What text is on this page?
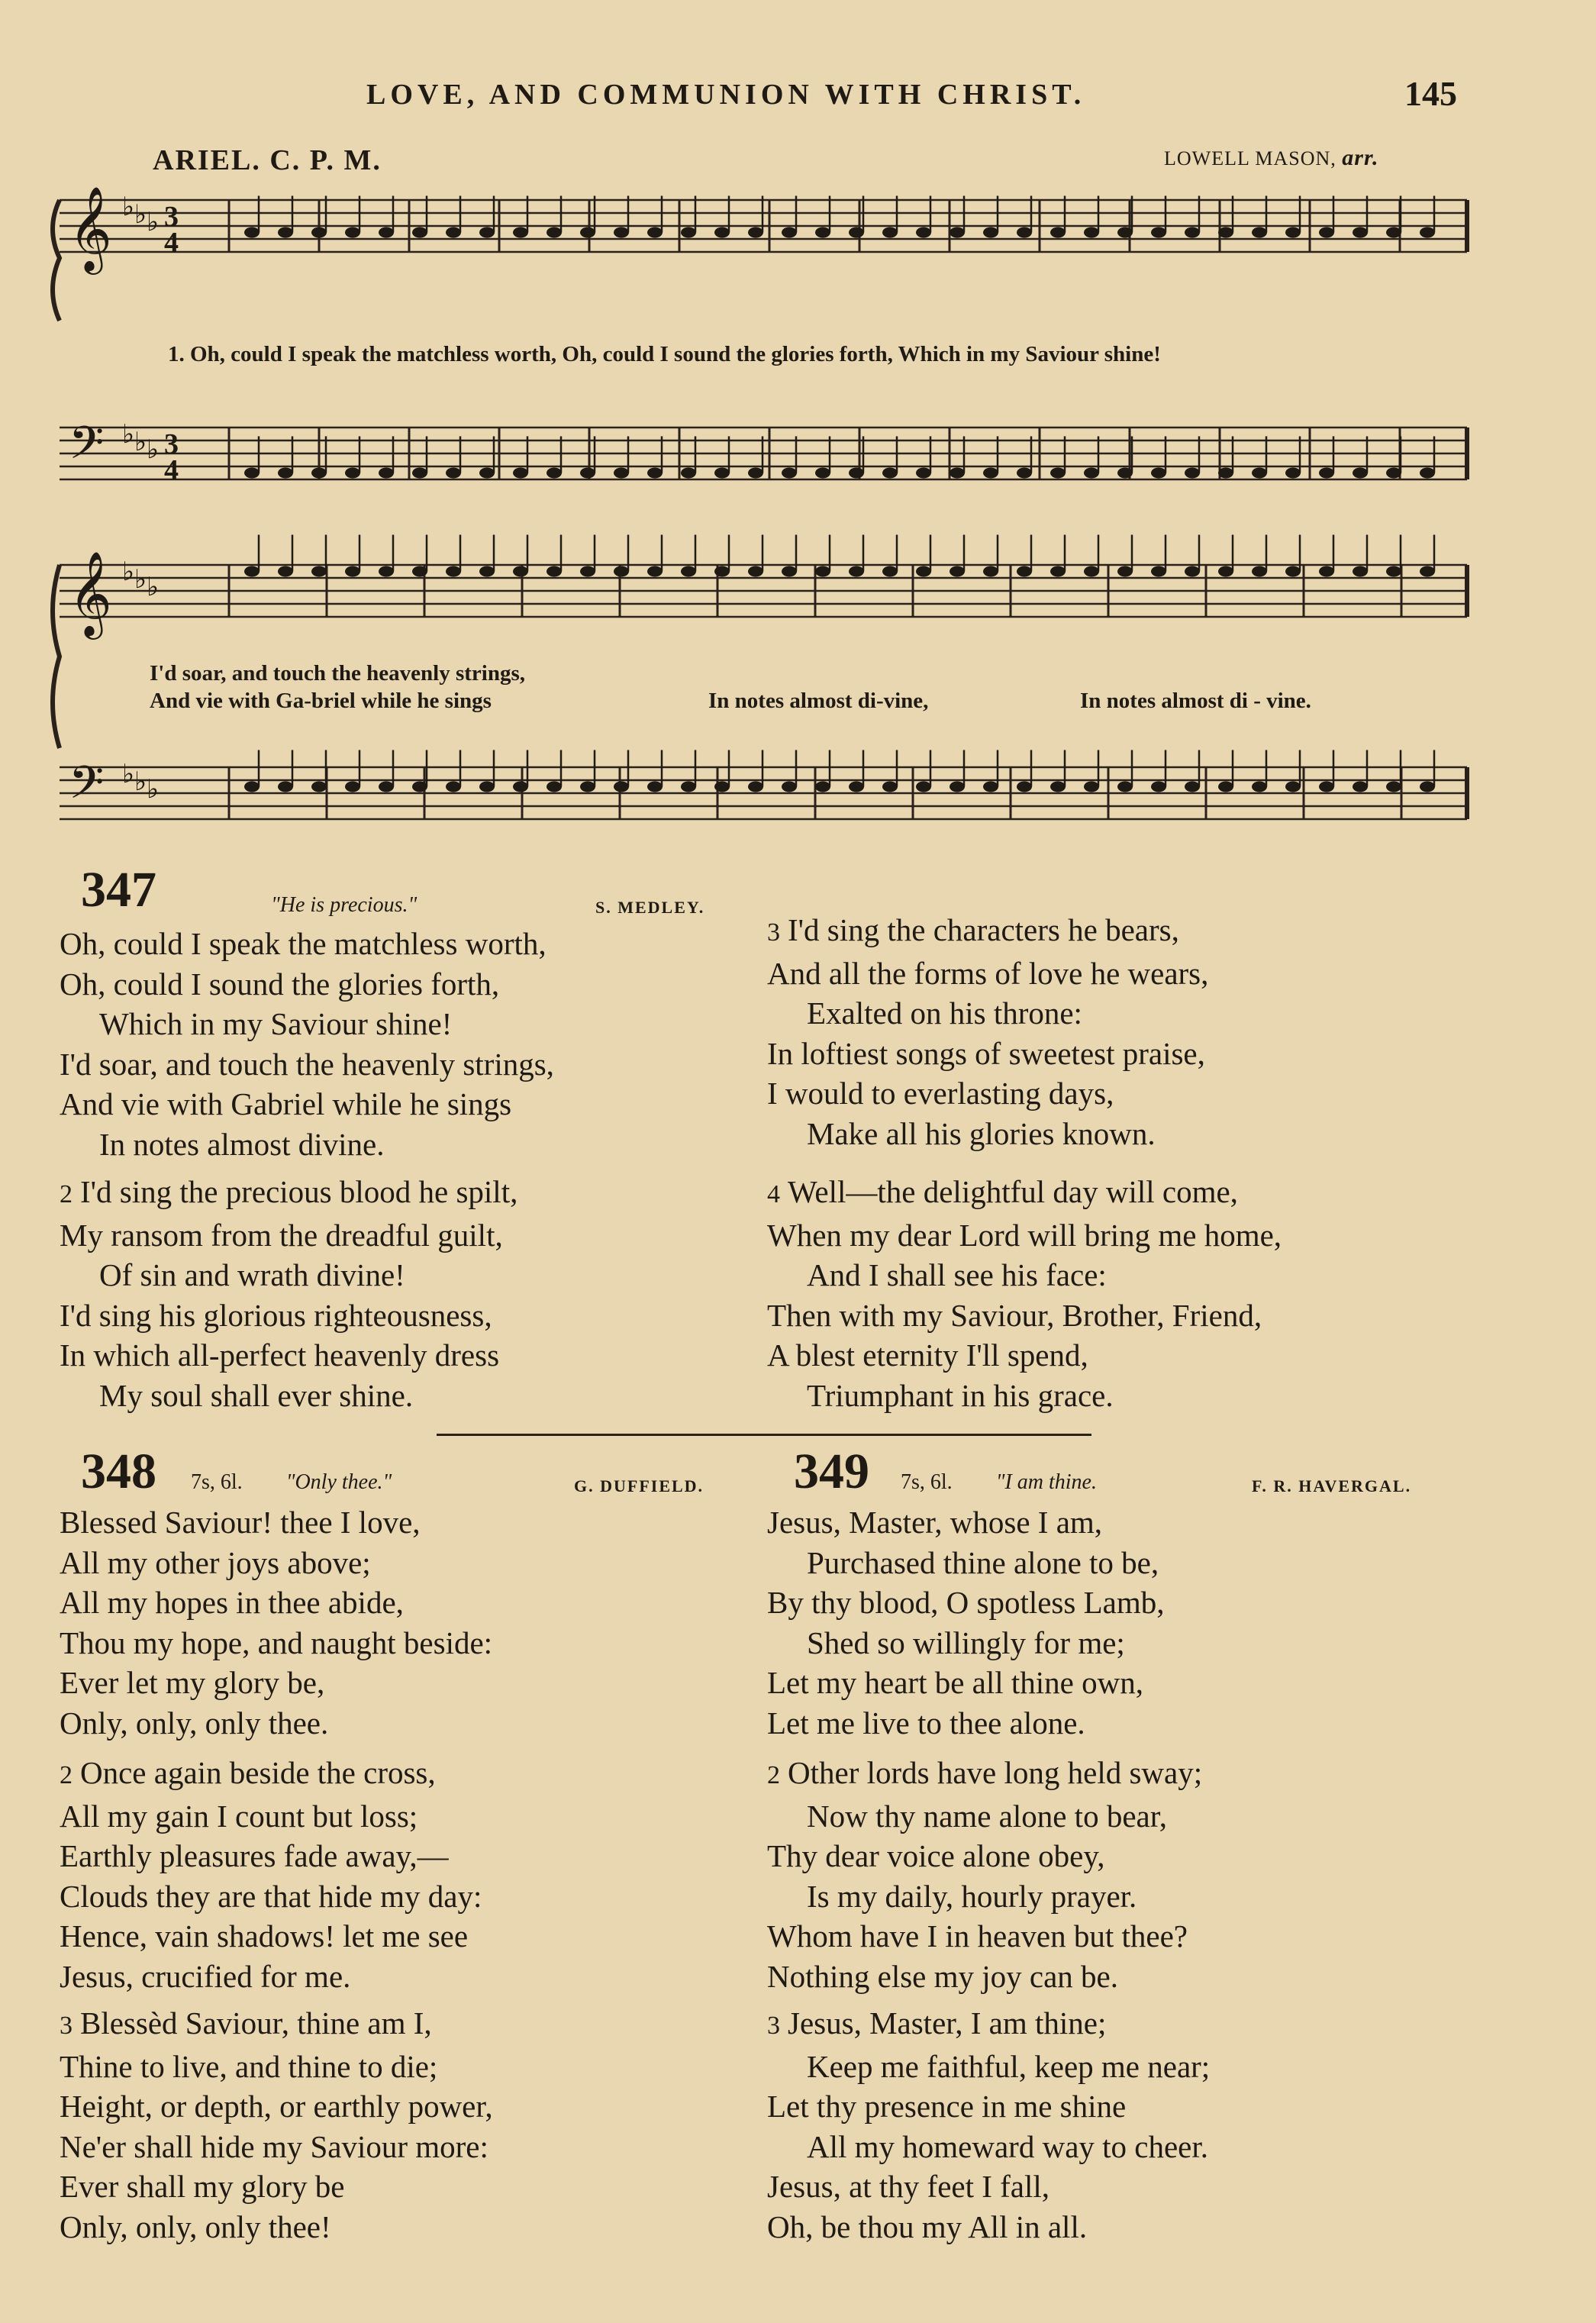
LOVE, AND COMMUNION WITH CHRIST.	145
ARIEL. C. P. M.	LOWELL MASON, arr.
𝄞 ♭ ♭ ♭ 3
4
𝄢 ♭ ♭ ♭ 3
4
𝄞 ♭ ♭ ♭
𝄢 ♭ ♭ ♭
1. Oh, could I speak the matchless worth, Oh, could I sound the glories forth, Which in my Saviour shine!
I'd soar, and touch the heavenly strings,
And vie with Ga-briel while he sings	In notes almost di-vine,	In notes almost di - vine.
347	"He is precious."	S. MEDLEY.
Oh, could I speak the matchless worth,
Oh, could I sound the glories forth,
Which in my Saviour shine!
I'd soar, and touch the heavenly strings,
And vie with Gabriel while he sings
In notes almost divine.
2 I'd sing the precious blood he spilt,
My ransom from the dreadful guilt,
Of sin and wrath divine!
I'd sing his glorious righteousness,
In which all-perfect heavenly dress
My soul shall ever shine.
3 I'd sing the characters he bears,
And all the forms of love he wears,
Exalted on his throne:
In loftiest songs of sweetest praise,
I would to everlasting days,
Make all his glories known.
4 Well—the delightful day will come,
When my dear Lord will bring me home,
And I shall see his face:
Then with my Saviour, Brother, Friend,
A blest eternity I'll spend,
Triumphant in his grace.
348 7s, 6l. "Only thee."	G. DUFFIELD.
Blessed Saviour! thee I love,
All my other joys above;
All my hopes in thee abide,
Thou my hope, and naught beside:
Ever let my glory be,
Only, only, only thee.
2 Once again beside the cross,
All my gain I count but loss;
Earthly pleasures fade away,—
Clouds they are that hide my day:
Hence, vain shadows! let me see
Jesus, crucified for me.
3 Blessèd Saviour, thine am I,
Thine to live, and thine to die;
Height, or depth, or earthly power,
Ne'er shall hide my Saviour more:
Ever shall my glory be
Only, only, only thee!
349 7s, 6l. "I am thine.	F. R. HAVERGAL.
Jesus, Master, whose I am,
Purchased thine alone to be,
By thy blood, O spotless Lamb,
Shed so willingly for me;
Let my heart be all thine own,
Let me live to thee alone.
2 Other lords have long held sway;
Now thy name alone to bear,
Thy dear voice alone obey,
Is my daily, hourly prayer.
Whom have I in heaven but thee?
Nothing else my joy can be.
3 Jesus, Master, I am thine;
Keep me faithful, keep me near;
Let thy presence in me shine
All my homeward way to cheer.
Jesus, at thy feet I fall,
Oh, be thou my All in all.
